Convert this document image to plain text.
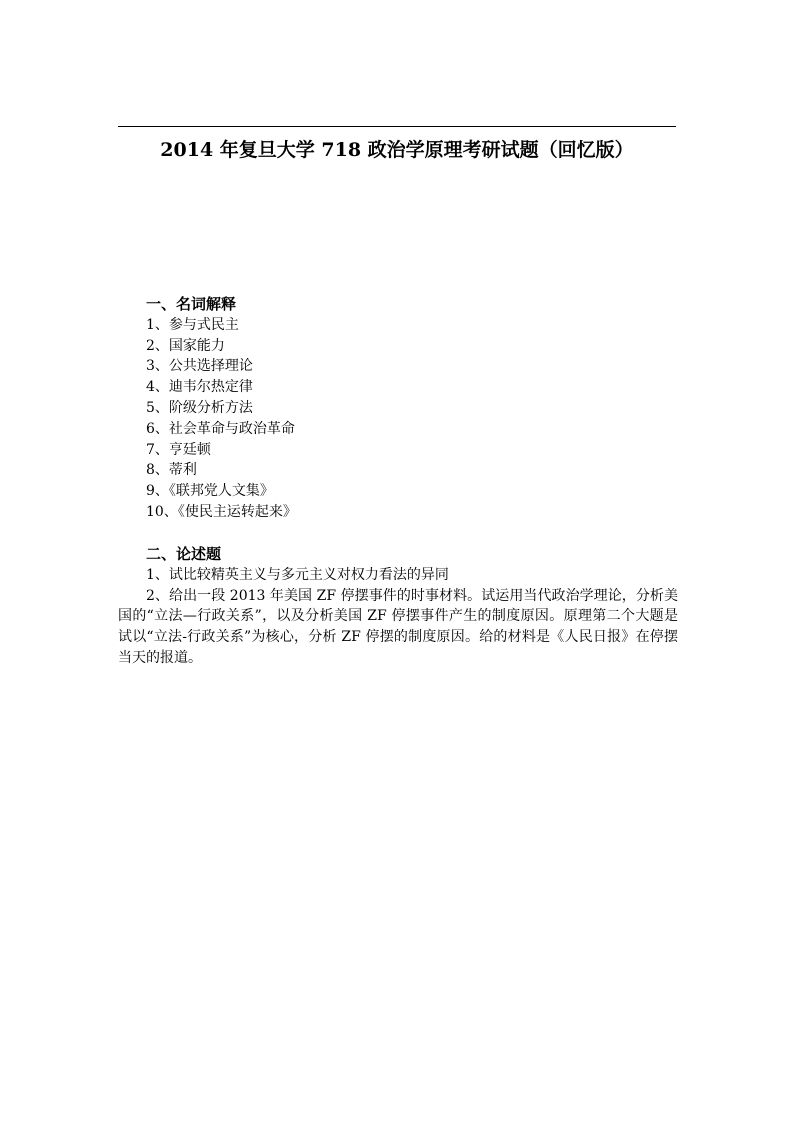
2014 年复旦大学 718 政治学原理考研试题（回忆版）

一、名词解释

1、参与式民主

2、国家能力

3、公共选择理论

4、迪韦尔热定律

5、阶级分析方法

6、社会革命与政治革命

7、亨廷顿

8、蒂利

9、《联邦党人文集》

10、《使民主运转起来》

二、论述题

1、试比较精英主义与多元主义对权力看法的异同

2、给出一段 2013 年美国 ZF 停摆事件的时事材料。试运用当代政治学理论，分析美国的“立法—行政关系”，以及分析美国 ZF 停摆事件产生的制度原因。原理第二个大题是 试以“立法-行政关系”为核心，分析 ZF 停摆的制度原因。给的材料是《人民日报》在停摆当天的报道。
